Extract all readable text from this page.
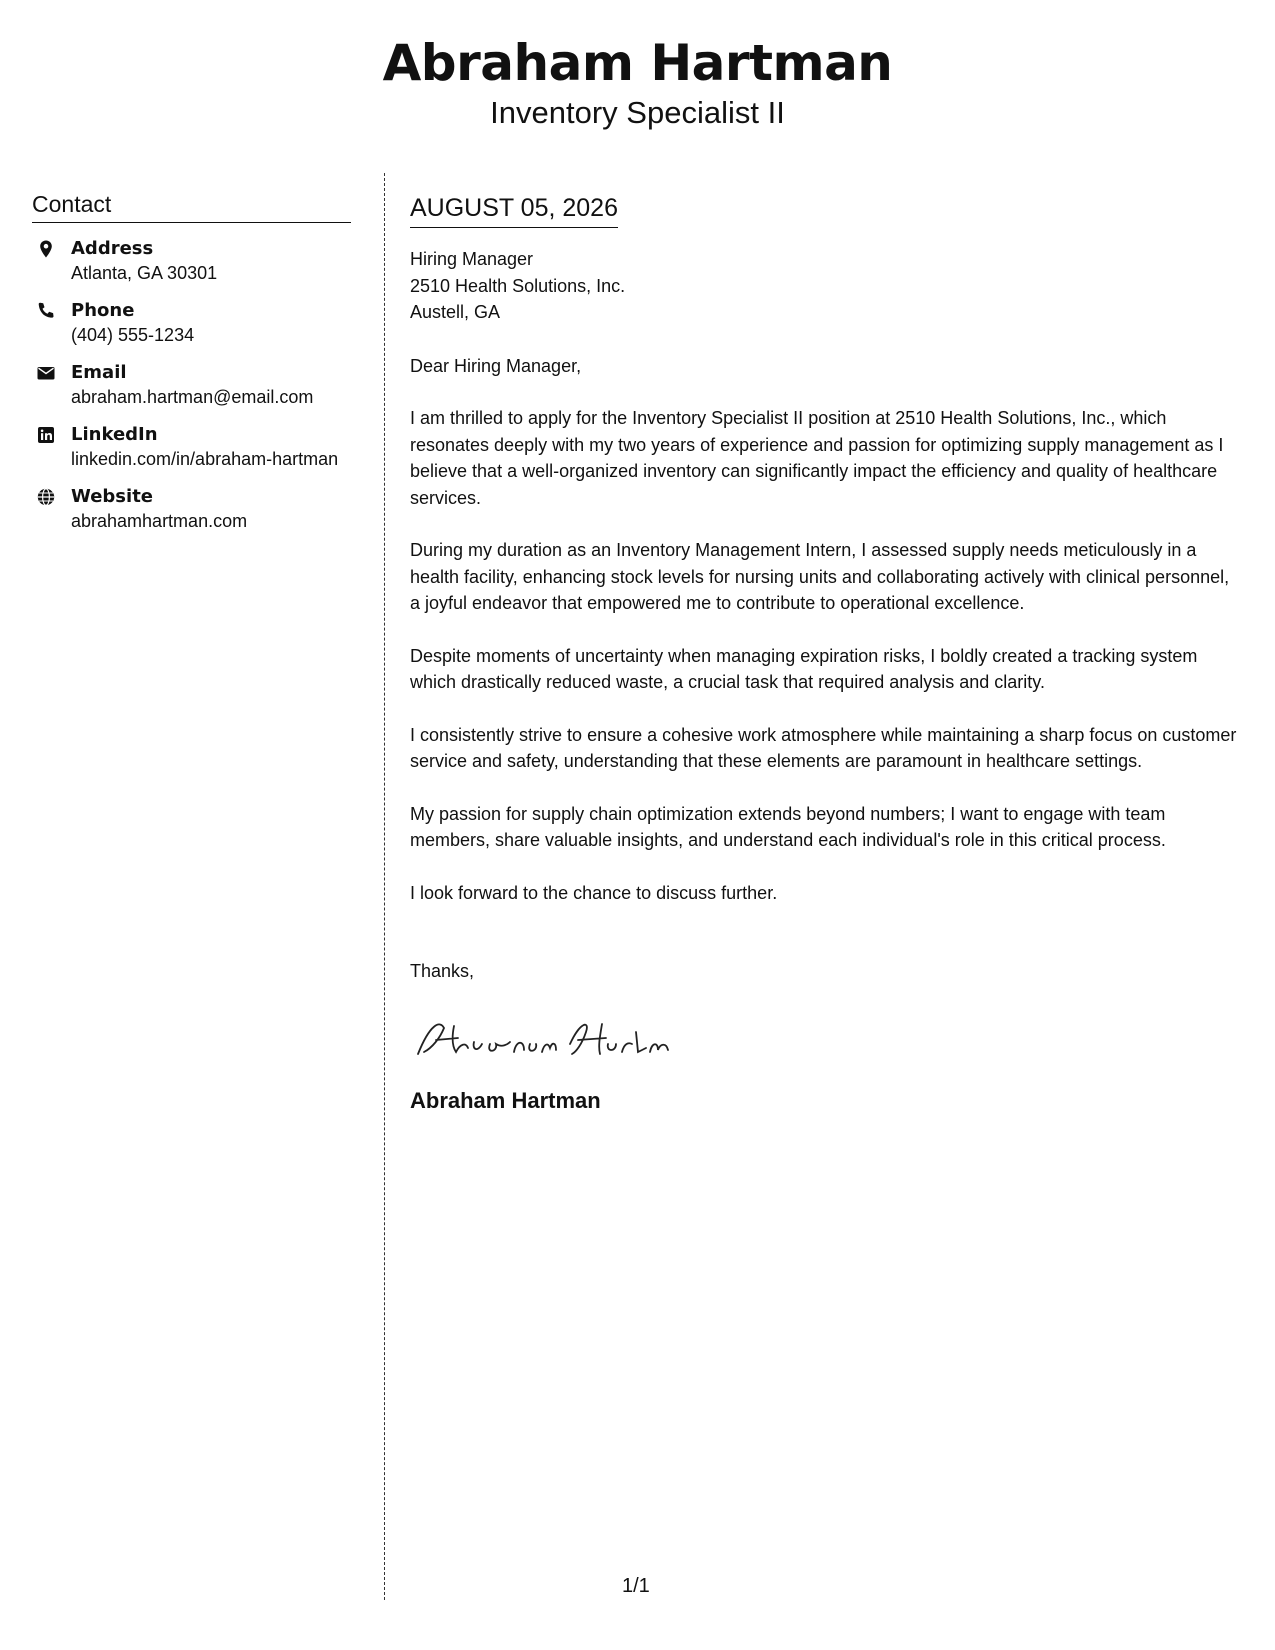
Abraham Hartman
Inventory Specialist II
Contact
Address
Atlanta, GA 30301
Phone
(404) 555-1234
Email
abraham.hartman@email.com
LinkedIn
linkedin.com/in/abraham-hartman
Website
abrahamhartman.com
AUGUST 05, 2026
Hiring Manager
2510 Health Solutions, Inc.
Austell, GA

Dear Hiring Manager,

I am thrilled to apply for the Inventory Specialist II position at 2510 Health Solutions, Inc., which resonates deeply with my two years of experience and passion for optimizing supply management as I believe that a well-organized inventory can significantly impact the efficiency and quality of healthcare services.

During my duration as an Inventory Management Intern, I assessed supply needs meticulously in a health facility, enhancing stock levels for nursing units and collaborating actively with clinical personnel, a joyful endeavor that empowered me to contribute to operational excellence.

Despite moments of uncertainty when managing expiration risks, I boldly created a tracking system which drastically reduced waste, a crucial task that required analysis and clarity.

I consistently strive to ensure a cohesive work atmosphere while maintaining a sharp focus on customer service and safety, understanding that these elements are paramount in healthcare settings.

My passion for supply chain optimization extends beyond numbers; I want to engage with team members, share valuable insights, and understand each individual's role in this critical process.

I look forward to the chance to discuss further.

Thanks,
Abraham Hartman
1/1
